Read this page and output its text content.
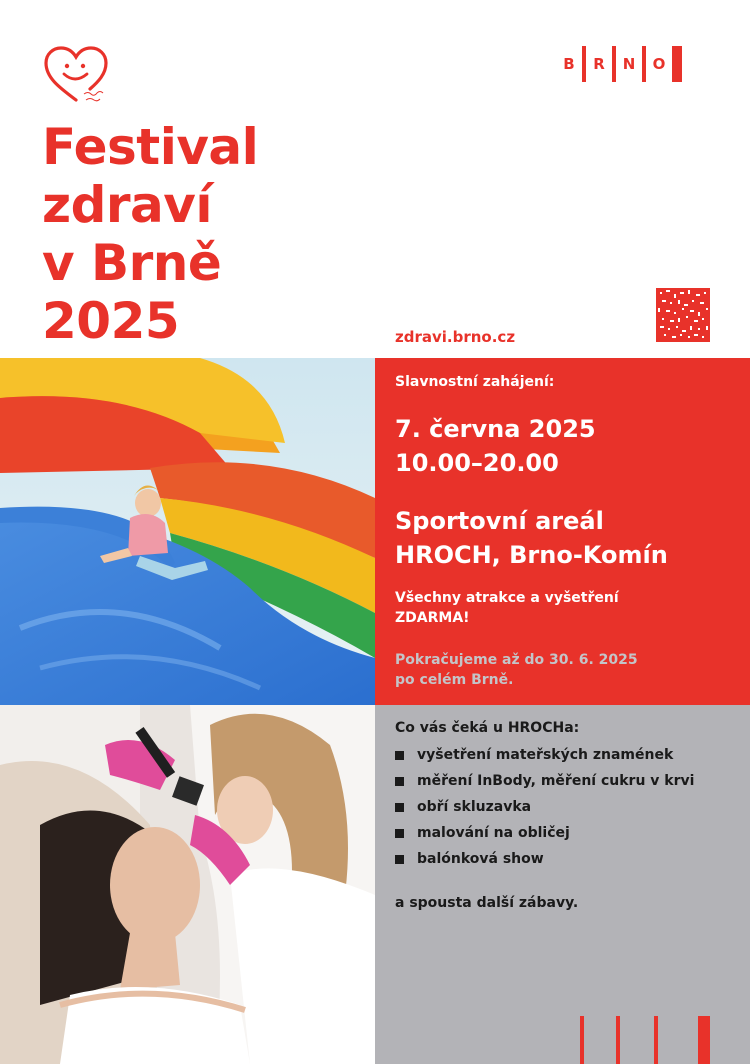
Festival
zdraví
v Brně
2025
B	R	N	O
zdravi.brno.cz
Slavnostní zahájení:
7. června 2025
10.00–20.00
Sportovní areál
HROCH, Brno-Komín
Všechny atrakce a vyšetření
ZDARMA!
Pokračujeme až do 30. 6. 2025
po celém Brně.
Co vás čeká u HROCHa:
vyšetření mateřských znamének
měření InBody, měření cukru v krvi
obří skluzavka
malování na obličej
balónková show
a spousta další zábavy.
